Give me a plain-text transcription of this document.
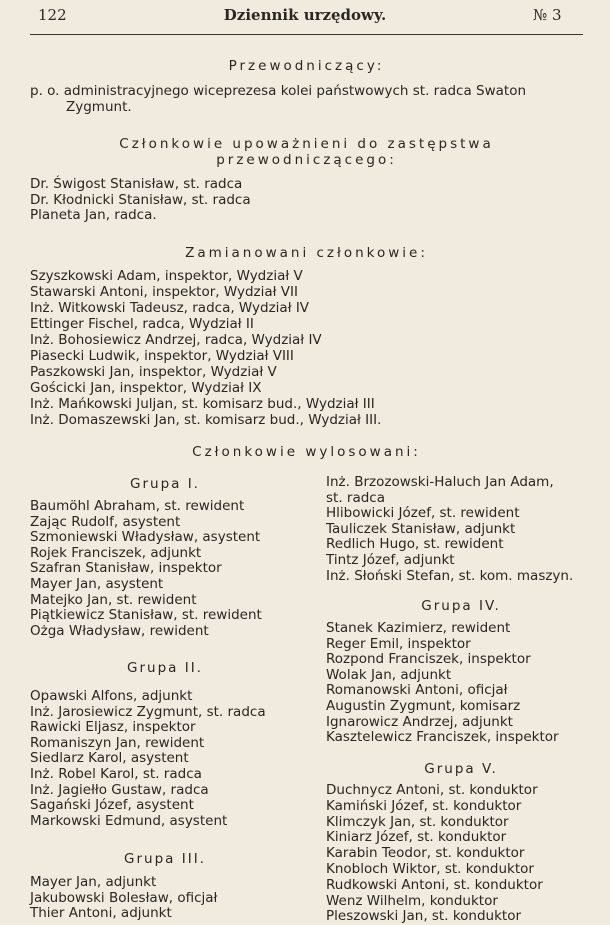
122	Dziennik urzędowy.	№ 3
Przewodniczący:
p. o. administracyjnego wiceprezesa kolei państwowych st. radca Swaton
Zygmunt.
Członkowie upoważnieni do zastępstwa
przewodniczącego:
Dr. Świgost Stanisław, st. radca
Dr. Kłodnicki Stanisław, st. radca
Planeta Jan, radca.
Zamianowani członkowie:
Szyszkowski Adam, inspektor, Wydział V
Stawarski Antoni, inspektor, Wydział VII
Inż. Witkowski Tadeusz, radca, Wydział IV
Ettinger Fischel, radca, Wydział II
Inż. Bohosiewicz Andrzej, radca, Wydział IV
Piasecki Ludwik, inspektor, Wydział VIII
Paszkowski Jan, inspektor, Wydział V
Gościcki Jan, inspektor, Wydział IX
Inż. Mańkowski Juljan, st. komisarz bud., Wydział III
Inż. Domaszewski Jan, st. komisarz bud., Wydział III.
Członkowie wylosowani:
Grupa I.
Baumöhl Abraham, st. rewident
Zając Rudolf, asystent
Szmoniewski Władysław, asystent
Rojek Franciszek, adjunkt
Szafran Stanisław, inspektor
Mayer Jan, asystent
Matejko Jan, st. rewident
Piątkiewicz Stanisław, st. rewident
Ożga Władysław, rewident
Grupa II.
Opawski Alfons, adjunkt
Inż. Jarosiewicz Zygmunt, st. radca
Rawicki Eljasz, inspektor
Romaniszyn Jan, rewident
Siedlarz Karol, asystent
Inż. Robel Karol, st. radca
Inż. Jagiełło Gustaw, radca
Sagański Józef, asystent
Markowski Edmund, asystent
Grupa III.
Mayer Jan, adjunkt
Jakubowski Bolesław, oficjał
Thier Antoni, adjunkt
Inż. Brzozowski-Haluch Jan Adam,
st. radca
Hlibowicki Józef, st. rewident
Tauliczek Stanisław, adjunkt
Redlich Hugo, st. rewident
Tintz Józef, adjunkt
Inż. Słoński Stefan, st. kom. maszyn.
Grupa IV.
Stanek Kazimierz, rewident
Reger Emil, inspektor
Rozpond Franciszek, inspektor
Wolak Jan, adjunkt
Romanowski Antoni, oficjał
Augustin Zygmunt, komisarz
Ignarowicz Andrzej, adjunkt
Kasztelewicz Franciszek, inspektor
Grupa V.
Duchnycz Antoni, st. konduktor
Kamiński Józef, st. konduktor
Klimczyk Jan, st. konduktor
Kiniarz Józef, st. konduktor
Karabin Teodor, st. konduktor
Knobloch Wiktor, st. konduktor
Rudkowski Antoni, st. konduktor
Wenz Wilhelm, konduktor
Pleszowski Jan, st. konduktor
